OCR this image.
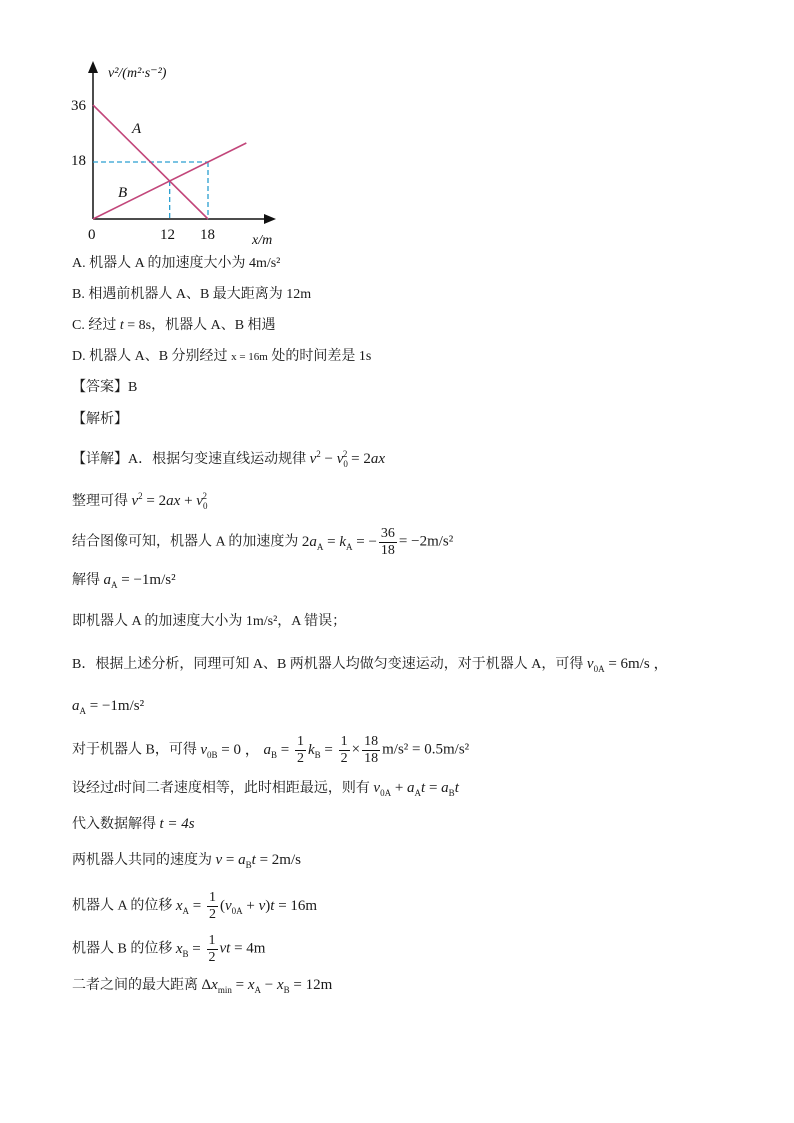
v²/(m²·s⁻²)
x/m
A
B
36
18
0	12 18
A. 机器人 A 的加速度大小为 4m/s²
B. 相遇前机器人 A、B 最大距离为 12m
C. 经过 t = 8s，机器人 A、B 相遇
D. 机器人 A、B 分别经过 x = 16m 处的时间差是 1s
【答案】B
【解析】
【详解】A．根据匀变速直线运动规律 $v^2 - v_0^2 = 2ax$
整理可得 $v^2 = 2ax + v_0^2$
结合图像可知，机器人 A 的加速度为 $2a_A = k_A$ = − $\frac{36}{18} = -2m/s^2$
解得 $a_A = -1m/s^2$
即机器人 A 的加速度大小为 1m/s²，A 错误；
B．根据上述分析，同理可知 A、B 两机器人均做匀变速运动，对于机器人 A，可得 $v_{0A} = 6m/s$ ，
$a_A = -1m/s^2$
对于机器人 B，可得 $v_{0B} = 0$ ， $a_B = \frac{1}{2} k_B = \frac{1}{2} \times \frac{18}{18} m/s^2 = 0.5m/s^2$
设经过t时间二者速度相等，此时相距最远，则有 $v_{0A} + a_At = a_Bt$
代入数据解得 t = 4s
两机器人共同的速度为 $v = a_Bt = 2m/s$
机器人 A 的位移 $x_A = \frac{1}{2} (v_{0A} + v)t = 16m$
机器人 B 的位移 $x_B = \frac{1}{2}$ vt = 4m
二者之间的最大距离 $\Delta x_{min} = x_A - x_B = 12m$
